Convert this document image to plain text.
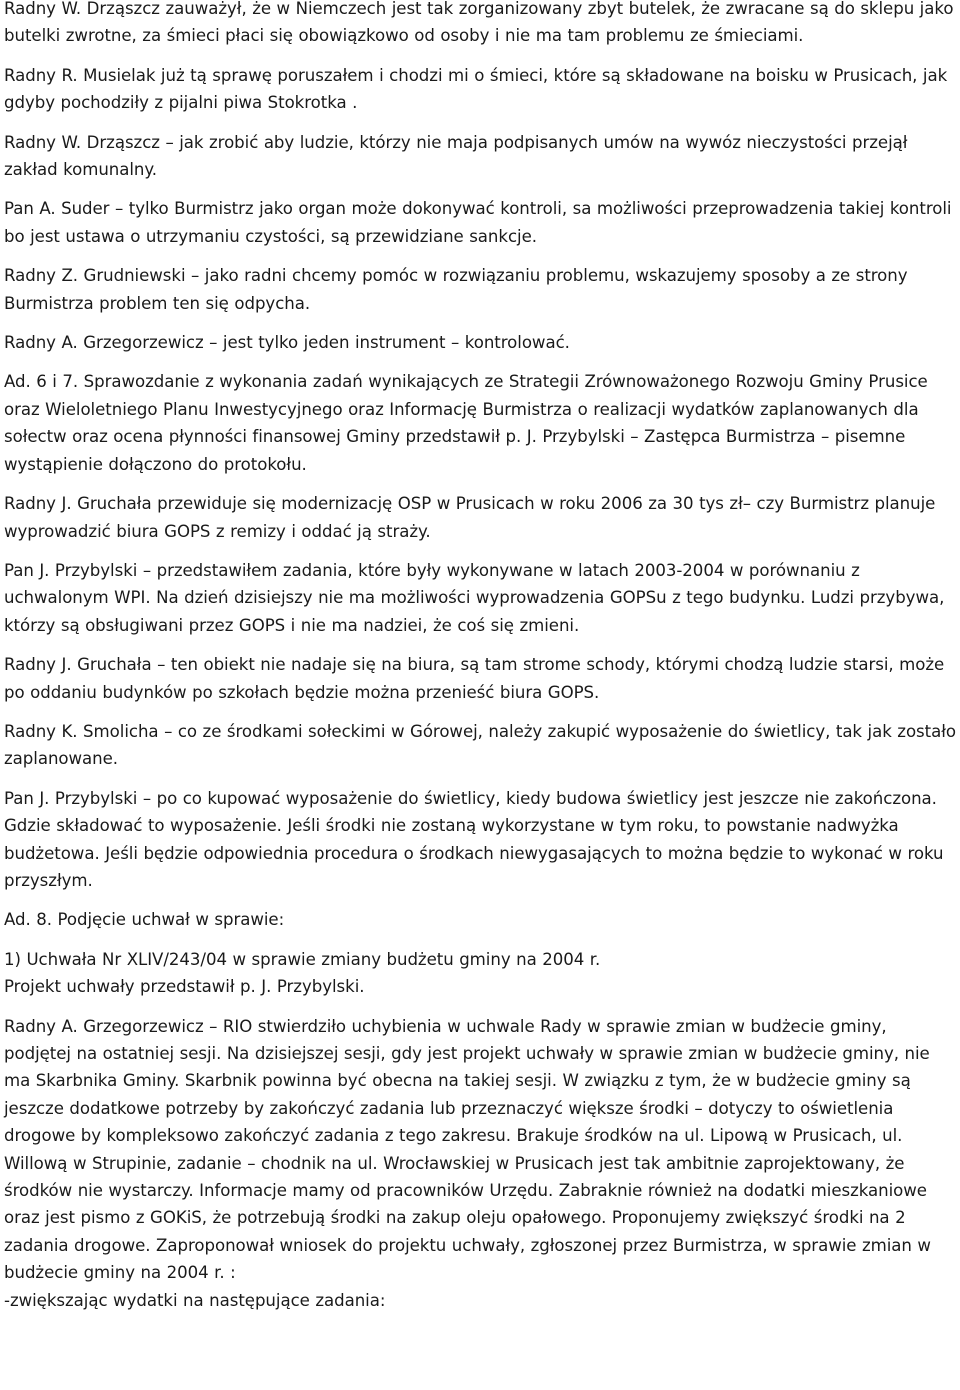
Radny W. Drząszcz zauważył, że w Niemczech jest tak zorganizowany zbyt butelek, że zwracane są do sklepu jako butelki zwrotne, za śmieci płaci się obowiązkowo od osoby i nie ma tam problemu ze śmieciami.

Radny R. Musielak już tą sprawę poruszałem i chodzi mi o śmieci, które są składowane na boisku w Prusicach, jak gdyby pochodziły z pijalni piwa Stokrotka .

Radny W. Drząszcz – jak zrobić aby ludzie, którzy nie maja podpisanych umów na wywóz nieczystości przejął zakład komunalny.

Pan A. Suder – tylko Burmistrz jako organ może dokonywać kontroli, sa możliwości przeprowadzenia takiej kontroli bo jest ustawa o utrzymaniu czystości, są przewidziane sankcje.

Radny Z. Grudniewski – jako radni chcemy pomóc w rozwiązaniu problemu, wskazujemy sposoby a ze strony Burmistrza problem ten się odpycha.

Radny A. Grzegorzewicz – jest tylko jeden instrument – kontrolować.

Ad. 6 i 7. Sprawozdanie z wykonania zadań wynikających ze Strategii Zrównoważonego Rozwoju Gminy Prusice oraz Wieloletniego Planu Inwestycyjnego oraz Informację Burmistrza o realizacji wydatków zaplanowanych dla sołectw oraz ocena płynności finansowej Gminy przedstawił p. J. Przybylski – Zastępca Burmistrza – pisemne wystąpienie dołączono do protokołu.

Radny J. Gruchała przewiduje się modernizację OSP w Prusicach w roku 2006 za 30 tys zł– czy Burmistrz planuje wyprowadzić biura GOPS z remizy i oddać ją straży.

Pan J. Przybylski – przedstawiłem zadania, które były wykonywane w latach 2003-2004 w porównaniu z uchwalonym WPI. Na dzień dzisiejszy nie ma możliwości wyprowadzenia GOPSu z tego budynku. Ludzi przybywa, którzy są obsługiwani przez GOPS i nie ma nadziei, że coś się zmieni.

Radny J. Gruchała – ten obiekt nie nadaje się na biura, są tam strome schody, którymi chodzą ludzie starsi, może po oddaniu budynków po szkołach będzie można przenieść biura GOPS.

Radny K. Smolicha – co ze środkami sołeckimi w Górowej, należy zakupić wyposażenie do świetlicy, tak jak zostało zaplanowane.

Pan J. Przybylski – po co kupować wyposażenie do świetlicy, kiedy budowa świetlicy jest jeszcze nie zakończona. Gdzie składować to wyposażenie. Jeśli środki nie zostaną wykorzystane w tym roku, to powstanie nadwyżka budżetowa. Jeśli będzie odpowiednia procedura o środkach niewygasających to można będzie to wykonać w roku przyszłym.

Ad. 8. Podjęcie uchwał w sprawie:

1) Uchwała Nr XLIV/243/04 w sprawie zmiany budżetu gminy na 2004 r.
Projekt uchwały przedstawił p. J. Przybylski.

Radny A. Grzegorzewicz – RIO stwierdziło uchybienia w uchwale Rady w sprawie zmian w budżecie gminy, podjętej na ostatniej sesji. Na dzisiejszej sesji, gdy jest projekt uchwały w sprawie zmian w budżecie gminy, nie ma Skarbnika Gminy. Skarbnik powinna być obecna na takiej sesji. W związku z tym, że w budżecie gminy są jeszcze dodatkowe potrzeby by zakończyć zadania lub przeznaczyć większe środki – dotyczy to oświetlenia drogowe by kompleksowo zakończyć zadania z tego zakresu. Brakuje środków na ul. Lipową w Prusicach, ul. Willową w Strupinie, zadanie – chodnik na ul. Wrocławskiej w Prusicach jest tak ambitnie zaprojektowany, że środków nie wystarczy. Informacje mamy od pracowników Urzędu. Zabraknie również na dodatki mieszkaniowe oraz jest pismo z GOKiS, że potrzebują środki na zakup oleju opałowego. Proponujemy zwiększyć środki na 2 zadania drogowe. Zaproponował wniosek do projektu uchwały, zgłoszonej przez Burmistrza, w sprawie zmian w budżecie gminy na 2004 r. :

-zwiększając wydatki na następujące zadania:
